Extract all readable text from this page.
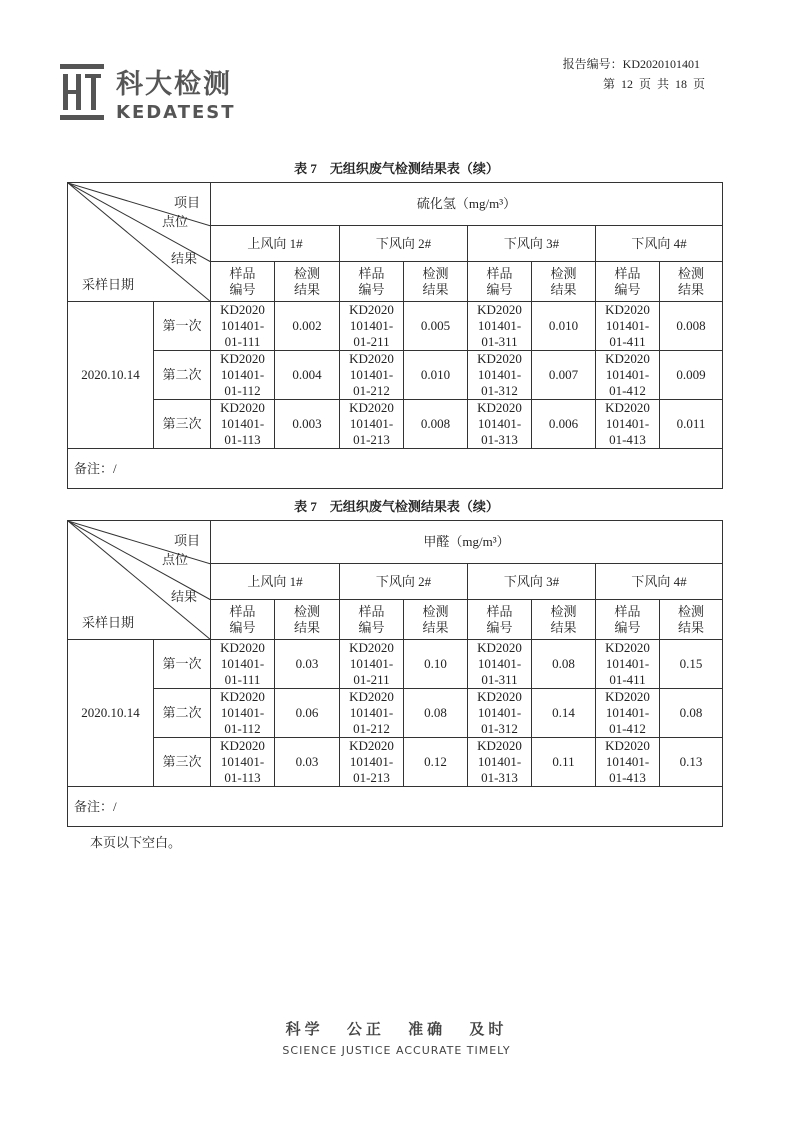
科大检测
KEDATEST
报告编号：KD2020101401
第 12 页 共 18 页
表 7　无组织废气检测结果表（续）
项目
点位
结果
采样日期		硫化氢（mg/m³）							
		上风向 1#		下风向 2#		下风向 3#		下风向 4#	
		样品编号	检测结果	样品编号	检测结果	样品编号	检测结果	样品编号	检测结果
2020.10.14	第一次	KD2020 101401- 01-111	0.002	KD2020 101401- 01-211	0.005	KD2020 101401- 01-311	0.010	KD2020 101401- 01-411	0.008
	第二次	KD2020 101401- 01-112	0.004	KD2020 101401- 01-212	0.010	KD2020 101401- 01-312	0.007	KD2020 101401- 01-412	0.009
	第三次	KD2020 101401- 01-113	0.003	KD2020 101401- 01-213	0.008	KD2020 101401- 01-313	0.006	KD2020 101401- 01-413	0.011
备注：/									
表 7　无组织废气检测结果表（续）
项目
点位
结果
采样日期		甲醛（mg/m³）							
		上风向 1#		下风向 2#		下风向 3#		下风向 4#	
		样品编号	检测结果	样品编号	检测结果	样品编号	检测结果	样品编号	检测结果
2020.10.14	第一次	KD2020 101401- 01-111	0.03	KD2020 101401- 01-211	0.10	KD2020 101401- 01-311	0.08	KD2020 101401- 01-411	0.15
	第二次	KD2020 101401- 01-112	0.06	KD2020 101401- 01-212	0.08	KD2020 101401- 01-312	0.14	KD2020 101401- 01-412	0.08
	第三次	KD2020 101401- 01-113	0.03	KD2020 101401- 01-213	0.12	KD2020 101401- 01-313	0.11	KD2020 101401- 01-413	0.13
备注：/									
本页以下空白。
科学 公正 准确 及时
SCIENCE JUSTICE ACCURATE TIMELY
